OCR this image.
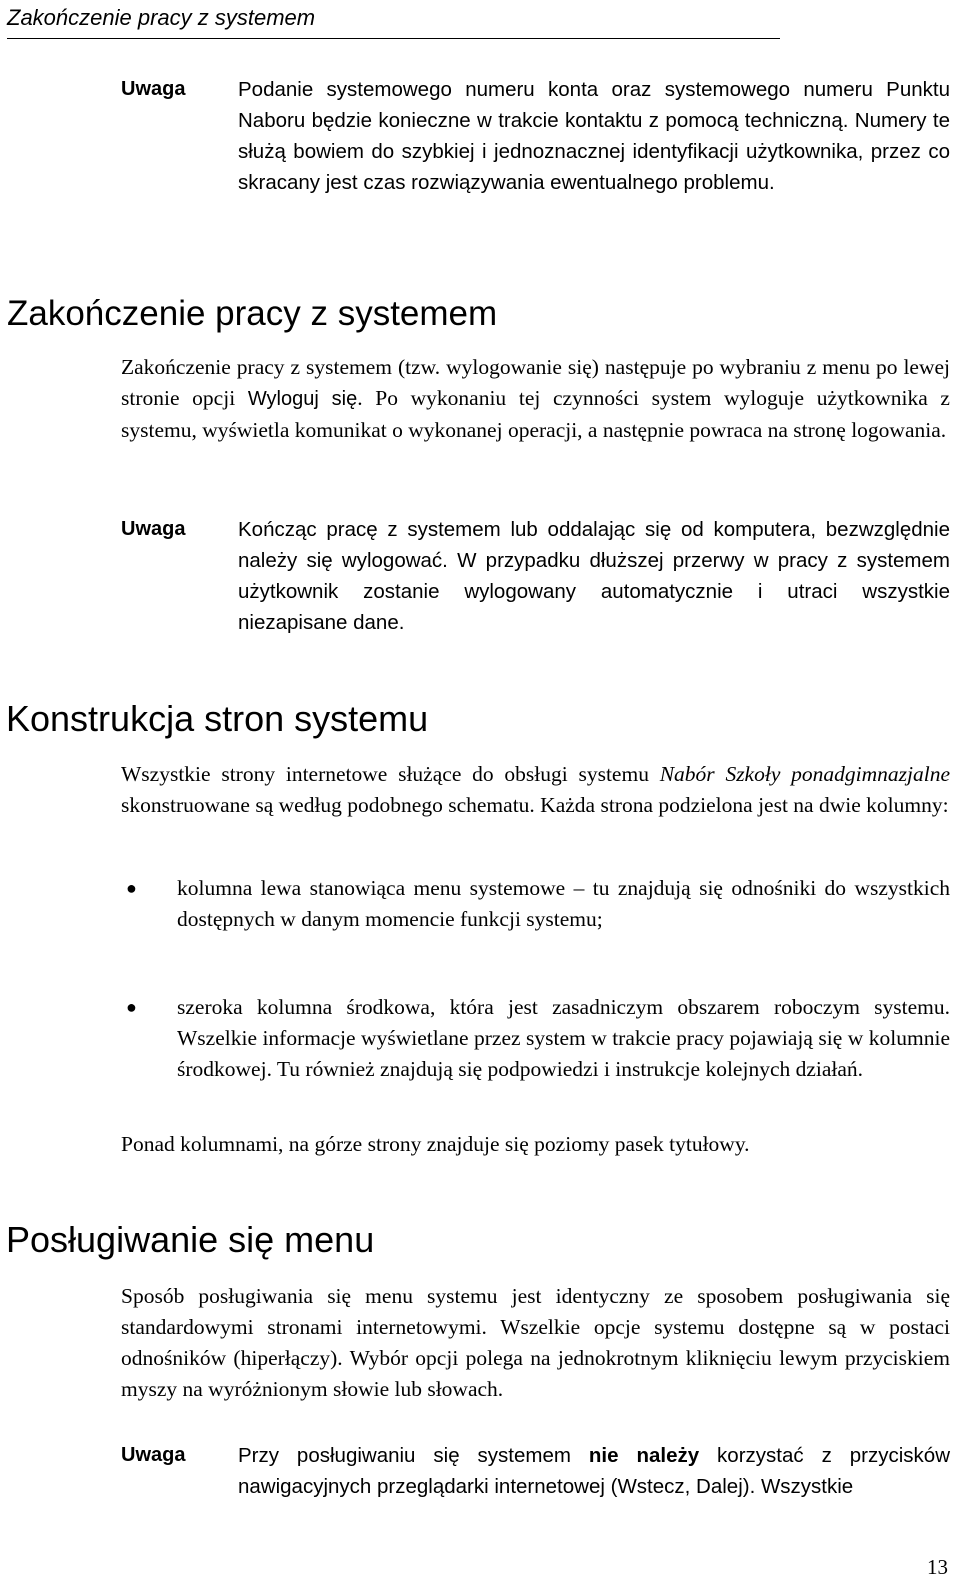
Zakończenie pracy z systemem
Uwaga	Podanie systemowego numeru konta oraz systemowego numeru Punktu Naboru będzie konieczne w trakcie kontaktu z pomocą techniczną. Numery te służą bowiem do szybkiej i jednoznacznej identyfikacji użytkownika, przez co skracany jest czas rozwiązywania ewentualnego problemu.
Zakończenie pracy z systemem

Zakończenie pracy z systemem (tzw. wylogowanie się) następuje po wybraniu z menu po lewej stronie opcji Wyloguj się. Po wykonaniu tej czynności system wyloguje użytkownika z systemu, wyświetla komunikat o wykonanej operacji, a następnie powraca na stronę logowania.

Uwaga	Kończąc pracę z systemem lub oddalając się od komputera, bezwzględnie należy się wylogować. W przypadku dłuższej przerwy w pracy z systemem użytkownik zostanie wylogowany automatycznie i utraci wszystkie niezapisane dane.
Konstrukcja stron systemu

Wszystkie strony internetowe służące do obsługi systemu Nabór Szkoły ponadgimnazjalne skonstruowane są według podobnego schematu. Każda strona podzielona jest na dwie kolumny:

● kolumna lewa stanowiąca menu systemowe – tu znajdują się odnośniki do wszystkich dostępnych w danym momencie funkcji systemu;
● szeroka kolumna środkowa, która jest zasadniczym obszarem roboczym systemu. Wszelkie informacje wyświetlane przez system w trakcie pracy pojawiają się w kolumnie środkowej. Tu również znajdują się podpowiedzi i instrukcje kolejnych działań.

Ponad kolumnami, na górze strony znajduje się poziomy pasek tytułowy.

Posługiwanie się menu

Sposób posługiwania się menu systemu jest identyczny ze sposobem posługiwania się standardowymi stronami internetowymi. Wszelkie opcje systemu dostępne są w postaci odnośników (hiperłączy). Wybór opcji polega na jednokrotnym kliknięciu lewym przyciskiem myszy na wyróżnionym słowie lub słowach.

Uwaga	Przy posługiwaniu się systemem nie należy korzystać z przycisków nawigacyjnych przeglądarki internetowej (Wstecz, Dalej). Wszystkie
13
